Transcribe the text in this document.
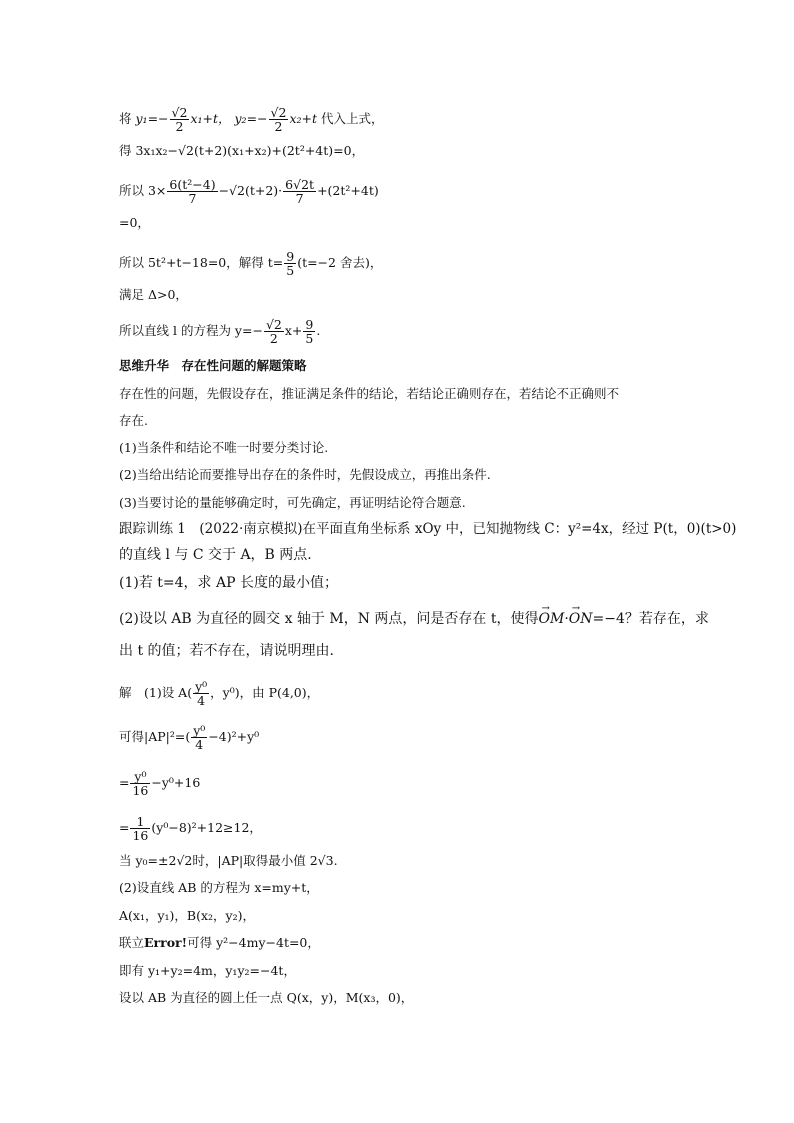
将 $y_1=- \frac{√2}{2} x_1+t$， $y_2=- \frac{√2}{2} x_2+t$ 代入上式，
得 3x₁x₂−√2(t+2)(x₁+x₂)+(2t²+4t)=0，
所以 $3\times \frac{\text{6(t²−4)}}{7} -√2(t+2)\cdot \frac{6√2t}{7} +(2t^2+4t)$
=0，
所以 5t²+t−18=0，解得 $t= \frac{9}{5} (t=-2$ 舍去)，
满足 Δ>0，
所以直线 l 的方程为 $y=- \frac{√2}{2} x+ \frac{9}{5}$ .
思维升华　存在性问题的解题策略
存在性的问题，先假设存在，推证满足条件的结论，若结论正确则存在，若结论不正确则不
存在.
(1)当条件和结论不唯一时要分类讨论.
(2)当给出结论而要推导出存在的条件时，先假设成立，再推出条件.
(3)当要讨论的量能够确定时，可先确定，再证明结论符合题意.
跟踪训练 1　(2022·南京模拟)在平面直角坐标系 xOy 中，已知抛物线 C：y²=4x，经过 P(t，0)(t>0)
的直线 l 与 C 交于 A，B 两点.
(1)若 t=4，求 AP 长度的最小值；
(2)设以 AB 为直径的圆交 x 轴于 M，N 两点，问是否存在 t，使得→ OM·→ ON=−4？若存在，求
出 t 的值；若不存在，请说明理由.
解　(1)设 $A( \frac{\text{y⁰}}{4}$ ，y⁰)，由 P(4,0)，
可得$|AP|^2=( \frac{\text{y⁰}}{4} -4)^2+y^0$
= $\frac{\text{y⁰}}{16} -y^0+16$
= $\frac{1}{16} (y^0-8)^2+12\ge 12$，
当 y₀=±2√2时，|AP|取得最小值 2√3.
(2)设直线 AB 的方程为 x=my+t，
A(x₁，y₁)，B(x₂，y₂)，
联立Error!可得 y²−4my−4t=0，
即有 y₁+y₂=4m，y₁y₂=−4t，
设以 AB 为直径的圆上任一点 Q(x，y)，M(x₃，0)，
